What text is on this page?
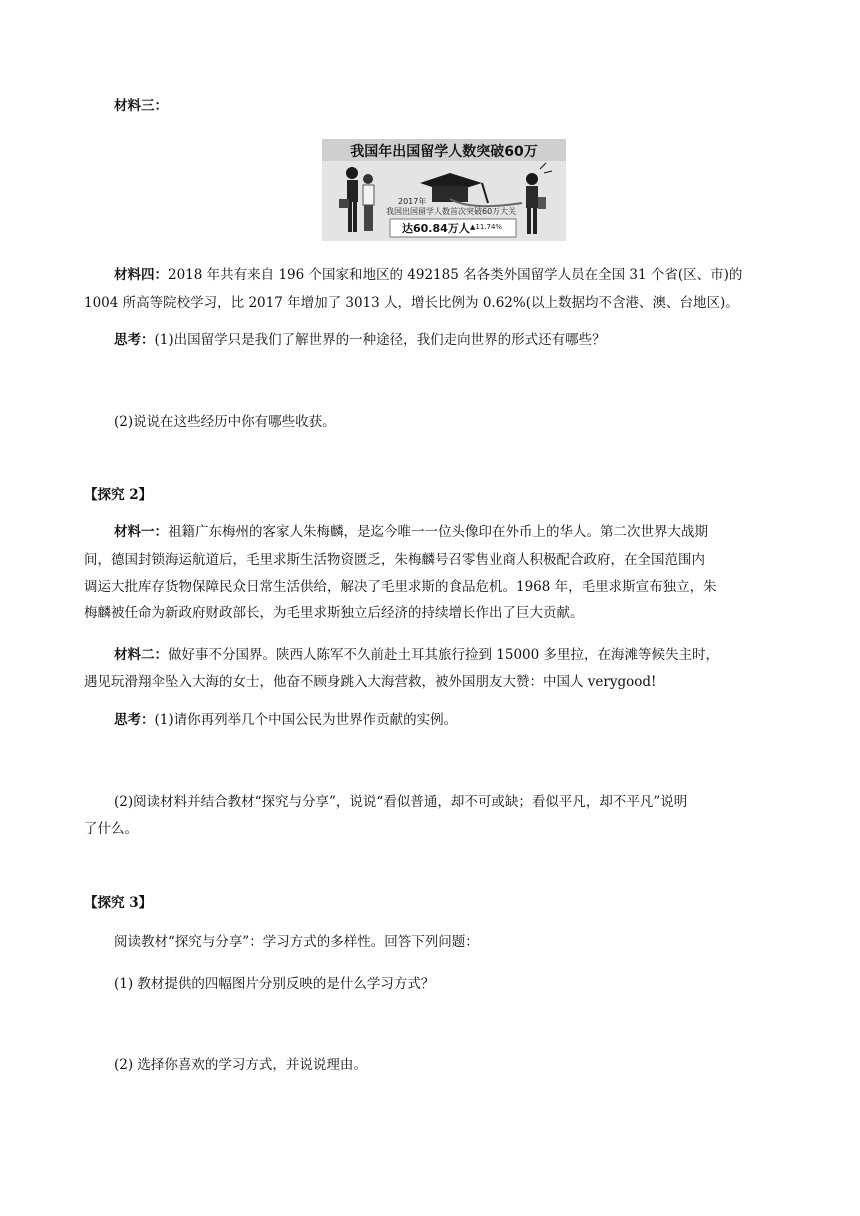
材料三：
我国年出国留学人数突破60万
2017年
我国出国留学人数首次突破60万大关
达60.84万人 ▲11.74%
材料四：2018 年共有来自 196 个国家和地区的 492185 名各类外国留学人员在全国 31 个省(区、市)的
1004 所高等院校学习，比 2017 年增加了 3013 人，增长比例为 0.62%(以上数据均不含港、澳、台地区)。
思考：(1)出国留学只是我们了解世界的一种途径，我们走向世界的形式还有哪些？
(2)说说在这些经历中你有哪些收获。
【探究 2】
材料一：祖籍广东梅州的客家人朱梅麟，是迄今唯一一位头像印在外币上的华人。第二次世界大战期
间，德国封锁海运航道后，毛里求斯生活物资匮乏，朱梅麟号召零售业商人积极配合政府，在全国范围内
调运大批库存货物保障民众日常生活供给，解决了毛里求斯的食品危机。1968 年，毛里求斯宣布独立，朱
梅麟被任命为新政府财政部长，为毛里求斯独立后经济的持续增长作出了巨大贡献。
材料二：做好事不分国界。陕西人陈军不久前赴土耳其旅行捡到 15000 多里拉，在海滩等候失主时，
遇见玩滑翔伞坠入大海的女士，他奋不顾身跳入大海营救，被外国朋友大赞：中国人 verygood!
思考：(1)请你再列举几个中国公民为世界作贡献的实例。
(2)阅读材料并结合教材“探究与分享”，说说“看似普通，却不可或缺；看似平凡，却不平凡”说明
了什么。
【探究 3】
阅读教材“探究与分享”：学习方式的多样性。回答下列问题：
(1) 教材提供的四幅图片分别反映的是什么学习方式？
(2) 选择你喜欢的学习方式，并说说理由。
